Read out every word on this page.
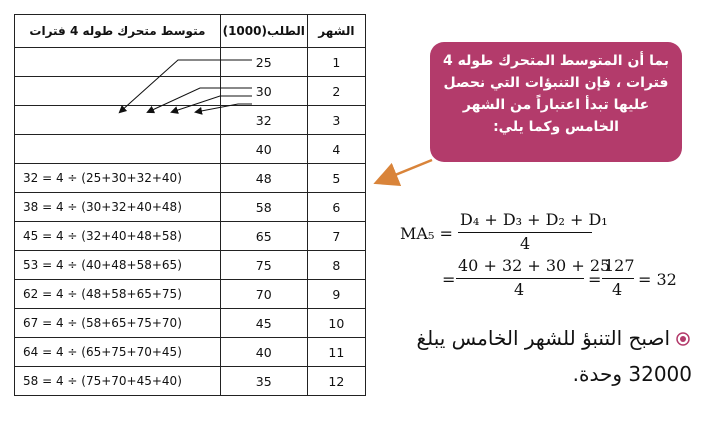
متوسط متحرك طوله 4 فترات	الطلب(1000)	الشهر
	25	1
	30	2
	32	3
	40	4
32 = 4 ÷ (25+30+32+40)	48	5
38 = 4 ÷ (30+32+40+48)	58	6
45 = 4 ÷ (32+40+48+58)	65	7
53 = 4 ÷ (40+48+58+65)	75	8
62 = 4 ÷ (48+58+65+75)	70	9
67 = 4 ÷ (58+65+75+70)	45	10
64 = 4 ÷ (65+75+70+45)	40	11
58 = 4 ÷ (75+70+45+40)	35	12
بما أن المتوسط المتحرك طوله 4 فترات ، فإن التنبؤات التي نحصل عليها تبدأ اعتباراً من الشهر الخامس وكما يلي:
MA₅ =
D₄ + D₃ + D₂ + D₁
4
=
40 + 32 + 30 + 25
4
=
127
4
= 32
اصبح التنبؤ للشهر الخامس يبلغ 32000 وحدة.
